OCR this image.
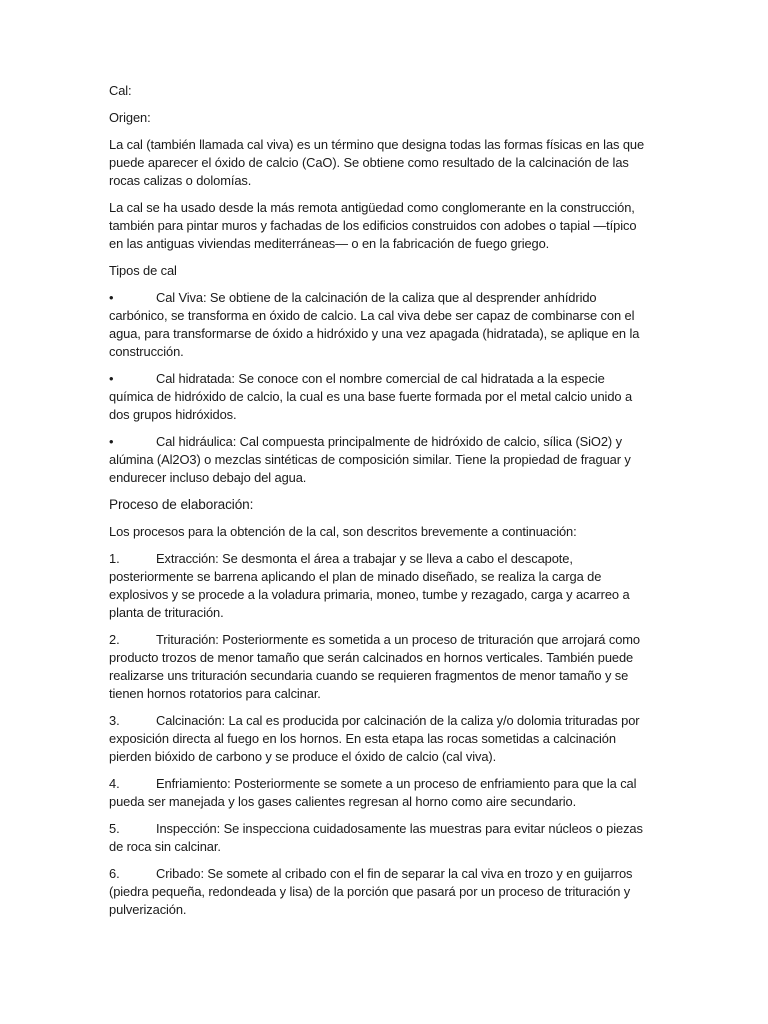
Cal:

Origen:

La cal (también llamada cal viva) es un término que designa todas las formas físicas en las que puede aparecer el óxido de calcio (CaO). Se obtiene como resultado de la calcinación de las rocas calizas o dolomías.

La cal se ha usado desde la más remota antigüedad como conglomerante en la construcción, también para pintar muros y fachadas de los edificios construidos con adobes o tapial —típico en las antiguas viviendas mediterráneas— o en la fabricación de fuego griego.

Tipos de cal

•	Cal Viva: Se obtiene de la calcinación de la caliza que al desprender anhídrido carbónico, se transforma en óxido de calcio. La cal viva debe ser capaz de combinarse con el agua, para transformarse de óxido a hidróxido y una vez apagada (hidratada), se aplique en la construcción.

•	Cal hidratada: Se conoce con el nombre comercial de cal hidratada a la especie química de hidróxido de calcio, la cual es una base fuerte formada por el metal calcio unido a dos grupos hidróxidos.

•	Cal hidráulica: Cal compuesta principalmente de hidróxido de calcio, sílica (SiO2) y alúmina (Al2O3) o mezclas sintéticas de composición similar. Tiene la propiedad de fraguar y endurecer incluso debajo del agua.

Proceso de elaboración:

Los procesos para la obtención de la cal, son descritos brevemente a continuación:

1.	Extracción: Se desmonta el área a trabajar y se lleva a cabo el descapote, posteriormente se barrena aplicando el plan de minado diseñado, se realiza la carga de explosivos y se procede a la voladura primaria, moneo, tumbe y rezagado, carga y acarreo a planta de trituración.

2.	Trituración: Posteriormente es sometida a un proceso de trituración que arrojará como producto trozos de menor tamaño que serán calcinados en hornos verticales. También puede realizarse uns trituración secundaria cuando se requieren fragmentos de menor tamaño y se tienen hornos rotatorios para calcinar.

3.	Calcinación: La cal es producida por calcinación de la caliza y/o dolomia trituradas por exposición directa al fuego en los hornos. En esta etapa las rocas sometidas a calcinación pierden bióxido de carbono y se produce el óxido de calcio (cal viva).

4.	Enfriamiento: Posteriormente se somete a un proceso de enfriamiento para que la cal pueda ser manejada y los gases calientes regresan al horno como aire secundario.

5.	Inspección: Se inspecciona cuidadosamente las muestras para evitar núcleos o piezas de roca sin calcinar.

6.	Cribado: Se somete al cribado con el fin de separar la cal viva en trozo y en guijarros (piedra pequeña, redondeada y lisa) de la porción que pasará por un proceso de trituración y pulverización.
